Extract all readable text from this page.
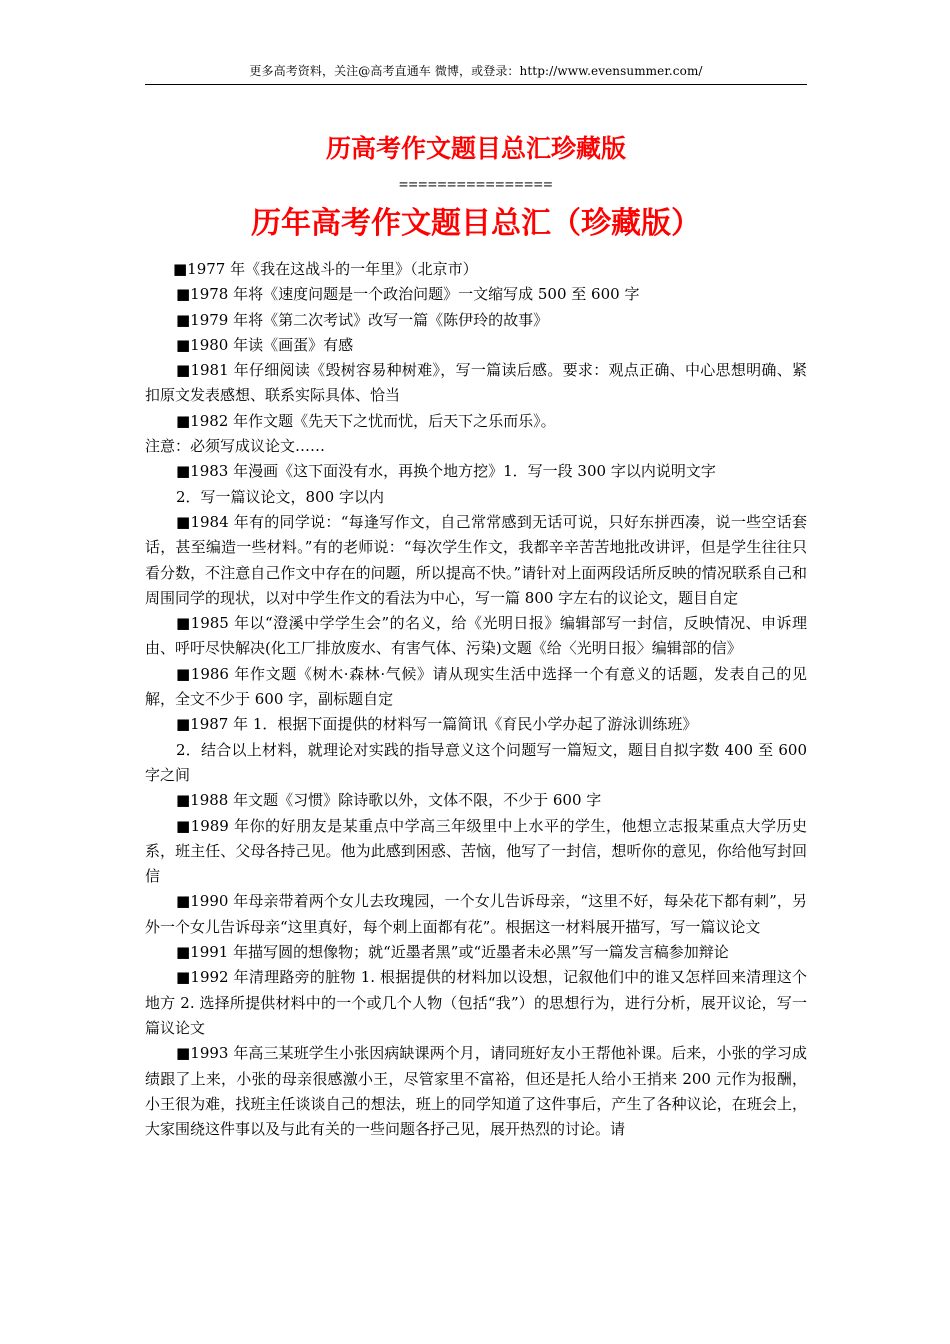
更多高考资料，关注@高考直通车 微博，或登录：http://www.evensummer.com/
历高考作文题目总汇珍藏版
================
历年高考作文题目总汇（珍藏版）

■1977 年《我在这战斗的一年里》（北京市）

■1978 年将《速度问题是一个政治问题》一文缩写成 500 至 600 字

■1979 年将《第二次考试》改写一篇《陈伊玲的故事》

■1980 年读《画蛋》有感

■1981 年仔细阅读《毁树容易种树难》，写一篇读后感。要求：观点正确、中心思想明确、紧扣原文发表感想、联系实际具体、恰当

■1982 年作文题《先天下之忧而忧，后天下之乐而乐》。

注意：必须写成议论文……

■1983 年漫画《这下面没有水，再换个地方挖》1．写一段 300 字以内说明文字

2．写一篇议论文，800 字以内

■1984 年有的同学说：“每逢写作文，自己常常感到无话可说，只好东拼西凑，说一些空话套话，甚至编造一些材料。”有的老师说：“每次学生作文，我都辛辛苦苦地批改讲评，但是学生往往只看分数，不注意自己作文中存在的问题，所以提高不快。”请针对上面两段话所反映的情况联系自己和周围同学的现状，以对中学生作文的看法为中心，写一篇 800 字左右的议论文，题目自定

■1985 年以“澄溪中学学生会”的名义，给《光明日报》编辑部写一封信，反映情况、申诉理由、呼吁尽快解决(化工厂排放废水、有害气体、污染)文题《给〈光明日报〉编辑部的信》

■1986 年作文题《树木·森林·气候》请从现实生活中选择一个有意义的话题，发表自己的见解，全文不少于 600 字，副标题自定

■1987 年 1．根据下面提供的材料写一篇简讯《育民小学办起了游泳训练班》

2．结合以上材料，就理论对实践的指导意义这个问题写一篇短文，题目自拟字数 400 至 600 字之间

■1988 年文题《习惯》除诗歌以外，文体不限，不少于 600 字

■1989 年你的好朋友是某重点中学高三年级里中上水平的学生，他想立志报某重点大学历史系，班主任、父母各持己见。他为此感到困惑、苦恼，他写了一封信，想听你的意见，你给他写封回信

■1990 年母亲带着两个女儿去玫瑰园，一个女儿告诉母亲，“这里不好，每朵花下都有刺”，另外一个女儿告诉母亲“这里真好，每个刺上面都有花”。根据这一材料展开描写，写一篇议论文

■1991 年描写圆的想像物；就“近墨者黑”或“近墨者未必黑”写一篇发言稿参加辩论

■1992 年清理路旁的脏物 1. 根据提供的材料加以设想，记叙他们中的谁又怎样回来清理这个地方 2. 选择所提供材料中的一个或几个人物（包括“我”）的思想行为，进行分析，展开议论，写一篇议论文

■1993 年高三某班学生小张因病缺课两个月，请同班好友小王帮他补课。后来，小张的学习成绩跟了上来，小张的母亲很感激小王，尽管家里不富裕，但还是托人给小王捎来 200 元作为报酬，小王很为难，找班主任谈谈自己的想法，班上的同学知道了这件事后，产生了各种议论，在班会上，大家围绕这件事以及与此有关的一些问题各抒己见，展开热烈的讨论。请
